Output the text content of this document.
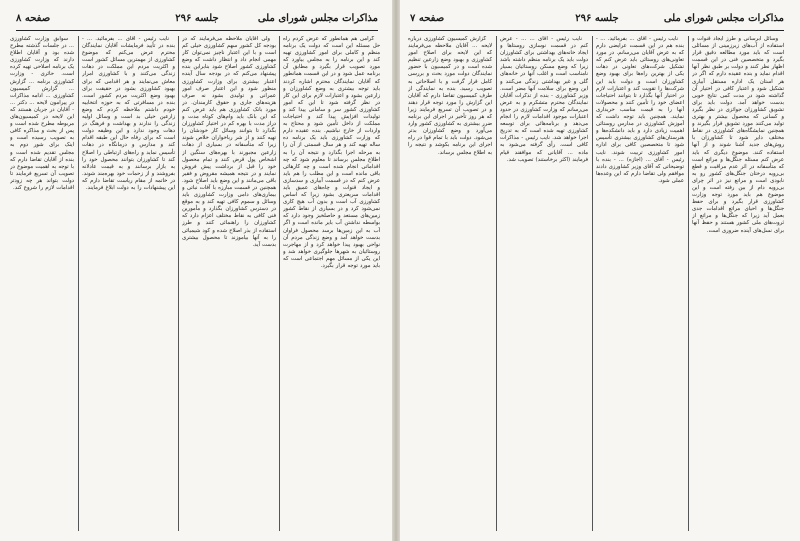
مذاکرات مجلس شورای ملی
جلسه ۲۹۶
صفحه ۸
گرامی هم همانطور که عرض کردم راه حل مسئله این است که دولت یک برنامه منظم و کاملی برای امور کشاورزی تهیه کند و این برنامه را به مجلس بیاورد که مورد تصویب قرار بگیرد و مطابق آن برنامه عمل شود و در این قسمت همانطور که آقایان نمایندگان محترم اشاره کردند باید توجه بیشتری به وضع کشاورزان و زارعین بشود و اعتبارات لازم برای این کار در نظر گرفته شود تا این که امور کشاورزی کشور سر و سامانی پیدا کند و تولیدات افزایش پیدا کند و احتیاجات مملکت از داخل تأمین شود و محتاج به واردات از خارج نباشیم. بنده عقیده دارم که وزارت کشاورزی باید یک برنامه ده ساله تهیه کند و هر سال قسمتی از آن را به مرحله اجرا بگذارد و نتیجه آن را به اطلاع مجلس برساند تا معلوم شود که چه اقداماتی انجام شده است و چه کارهائی باقی مانده است و این مطلب را هم باید عرض کنم که در قسمت آبیاری و سدسازی و ایجاد قنوات و چاه‌های عمیق باید اقدامات سریعتری بشود زیرا که اساس کشاورزی آب است و بدون آب هیچ کاری نمی‌شود کرد و در بسیاری از نقاط کشور زمین‌های مستعد و حاصلخیز وجود دارد که بواسطه نداشتن آب بایر مانده است و اگر آب به این زمین‌ها برسد محصول فراوان بدست خواهد آمد و وضع زندگی مردم آن نواحی بهبود پیدا خواهد کرد و از مهاجرت روستائیان به شهرها جلوگیری خواهد شد و این یکی از مسائل مهم اجتماعی است که باید مورد توجه قرار بگیرد.
ولی آقایان ملاحظه می‌فرمایند که در بودجه کل کشور سهم کشاورزی خیلی کم است و با این اعتبار ناچیز نمی‌توان کار مهمی انجام داد و انتظار داشت که وضع کشاورزی کشور اصلاح شود بنابراین بنده پیشنهاد می‌کنم که در بودجه سال آینده اعتبار بیشتری برای وزارت کشاورزی منظور شود و این اعتبار صرف امور عمرانی و تولیدی بشود نه صرف هزینه‌های جاری و حقوق کارمندان. در مورد بانک کشاورزی هم باید عرض کنم که این بانک باید وام‌های کوتاه مدت و دراز مدت با بهره کم در اختیار کشاورزان بگذارد تا بتوانند وسائل کار خودشان را تهیه کنند و از شر رباخواران خلاص شوند زیرا که متأسفانه در بسیاری از دهات زارعین مجبورند با بهره‌های سنگین از اشخاص پول قرض کنند و تمام محصول خود را قبل از برداشت پیش فروش نمایند و در نتیجه همیشه مقروض و فقیر باقی می‌مانند و این وضع باید اصلاح شود. همچنین در قسمت مبارزه با آفات نباتی و بیماری‌های دامی وزارت کشاورزی باید وسائل و سموم کافی تهیه کند و به موقع در دسترس کشاورزان بگذارد و مأمورین فنی کافی به نقاط مختلف اعزام دارد که کشاورزان را راهنمائی کنند و طرز استفاده از بذر اصلاح شده و کود شیمیائی را به آنها بیاموزند تا محصول بیشتری بدست آید.
نایب رئیس - آقای ... بفرمائید. ... - بنده در تأیید فرمایشات آقایان نمایندگان محترم عرض می‌کنم که موضوع کشاورزی از مهمترین مسائل کشور است و اکثریت مردم این مملکت در دهات زندگی می‌کنند و با کشاورزی امرار معاش می‌نمایند و هر اقدامی که برای بهبود کشاورزی بشود در حقیقت برای بهبود وضع اکثریت مردم کشور است. بنده در مسافرتی که به حوزه انتخابیه خودم داشتم ملاحظه کردم که وضع زارعین خیلی بد است و وسائل اولیه زندگی را ندارند و بهداشت و فرهنگ در دهات وجود ندارد و این وظیفه دولت است که برای رفاه حال این طبقه اقدام کند و مدارس و درمانگاه در دهات تأسیس نماید و راه‌های ارتباطی را اصلاح کند تا کشاورزان بتوانند محصول خود را به بازار برسانند و به قیمت عادلانه بفروشند و از زحمات خود بهره‌مند شوند. در خاتمه از مقام ریاست تقاضا دارم که این پیشنهادات را به دولت ابلاغ فرمایند.
سوابق وزارت کشاورزی ... در جلسات گذشته مطرح شده بود و آقایان اطلاع دارند که وزارت کشاورزی یک برنامه اصلاحی تهیه کرده است. حائری - وزارت کشاورزی برنامه ... گزارش ... گزارش کمیسیون کشاورزی ... ادامه مذاکرات در پیرامون لایحه ... دکتر ... - آقایان در جریان هستند که این لایحه در کمیسیون‌های مربوطه مطرح شده است و پس از بحث و مذاکره کافی به تصویب رسیده است و اینک برای شور دوم به مجلس تقدیم شده است و بنده از آقایان تقاضا دارم که با توجه به اهمیت موضوع در تصویب آن تسریع فرمایند تا دولت بتواند هر چه زودتر اقدامات لازم را شروع کند.
مذاکرات مجلس شورای ملی
جلسه ۲۹۶
صفحه ۷
وسائل آبرسانی و طرز ایجاد قنوات و استفاده از آب‌های زیرزمینی از مسائلی است که باید مورد مطالعه دقیق قرار بگیرد و متخصصین فنی در این قسمت اظهار نظر کنند و دولت بر طبق نظر آنها اقدام نماید و بنده عقیده دارم که اگر در هر استان یک اداره مستقل آبیاری تشکیل شود و اعتبار کافی در اختیار آن گذاشته شود در مدت کمی نتایج خوبی بدست خواهد آمد. دولت باید برای تشویق کشاورزان جوائزی در نظر بگیرد و کسانی که محصول بیشتر و بهتری تولید می‌کنند مورد تشویق قرار بگیرند و همچنین نمایشگاه‌های کشاورزی در نقاط مختلف دایر شود تا کشاورزان با روش‌های جدید آشنا شوند و از آنها استفاده کنند. موضوع دیگری که باید عرض کنم مسئله جنگل‌ها و مراتع است که متأسفانه در اثر عدم مراقبت و قطع بی‌رویه درختان جنگل‌های کشور رو به نابودی است و مراتع نیز در اثر چرای بی‌رویه دام از بین رفته است و این موضوع هم باید مورد توجه وزارت کشاورزی قرار بگیرد و برای حفظ جنگل‌ها و احیای مراتع اقدامات جدی بعمل آید زیرا که جنگل‌ها و مراتع از ثروت‌های ملی کشور هستند و حفظ آنها برای نسل‌های آینده ضروری است.
نایب رئیس - آقای ... بفرمائید. ... - بنده هم در این قسمت عرایضی دارم که به عرض آقایان می‌رسانم. در مورد تعاونی‌های روستائی باید عرض کنم که تشکیل شرکت‌های تعاونی در دهات یکی از بهترین راه‌ها برای بهبود وضع کشاورزان است و دولت باید این شرکت‌ها را تقویت کند و اعتبارات لازم در اختیار آنها بگذارد تا بتوانند احتیاجات اعضای خود را تأمین کنند و محصولات آنها را به قیمت مناسب خریداری نمایند. همچنین باید توجه داشت که آموزش کشاورزی در مدارس روستائی اهمیت زیادی دارد و باید دانشکده‌ها و هنرستان‌های کشاورزی بیشتری تأسیس شود تا متخصصین کافی برای اداره امور کشاورزی تربیت شوند. نایب رئیس - آقای ... (اجازه) ... - بنده با توضیحاتی که آقای وزیر کشاورزی دادند موافقم ولی تقاضا دارم که این وعده‌ها عملی شود.
نایب رئیس - آقای ... ... - عرض کنم در قسمت نوسازی روستاها و ایجاد خانه‌های بهداشتی برای کشاورزان دولت باید یک برنامه منظم داشته باشد زیرا که وضع مسکن روستائیان بسیار نامناسب است و اغلب آنها در خانه‌های گلی و غیر بهداشتی زندگی می‌کنند و این وضع برای سلامت آنها مضر است. وزیر کشاورزی - بنده از تذکرات آقایان نمایندگان محترم متشکرم و به عرض می‌رسانم که وزارت کشاورزی در حدود اعتبارات موجود اقدامات لازم را انجام می‌دهد و برنامه‌هائی برای توسعه کشاورزی تهیه شده است که به تدریج اجرا خواهد شد. نایب رئیس - مذاکرات کافی است. رأی گرفته می‌شود به ماده ... آقایانی که موافقند قیام فرمایند (اکثر برخاستند) تصویب شد.
گزارش کمیسیون کشاورزی درباره لایحه ... آقایان ملاحظه می‌فرمایند که این لایحه برای اصلاح امور کشاورزی و بهبود وضع زارعین تنظیم شده است و در کمیسیون با حضور نمایندگان دولت مورد بحث و بررسی کامل قرار گرفت و با اصلاحاتی به تصویب رسید. بنده به نمایندگی از طرف کمیسیون تقاضا دارم که آقایان این گزارش را مورد توجه قرار دهند و در تصویب آن تسریع فرمایند زیرا که هر روز تأخیر در اجرای این برنامه ضرر بیشتری به کشاورزی کشور وارد می‌آورد و وضع کشاورزان بدتر می‌شود. دولت باید با تمام قوا در راه اجرای این برنامه بکوشد و نتیجه را به اطلاع مجلس برساند.
